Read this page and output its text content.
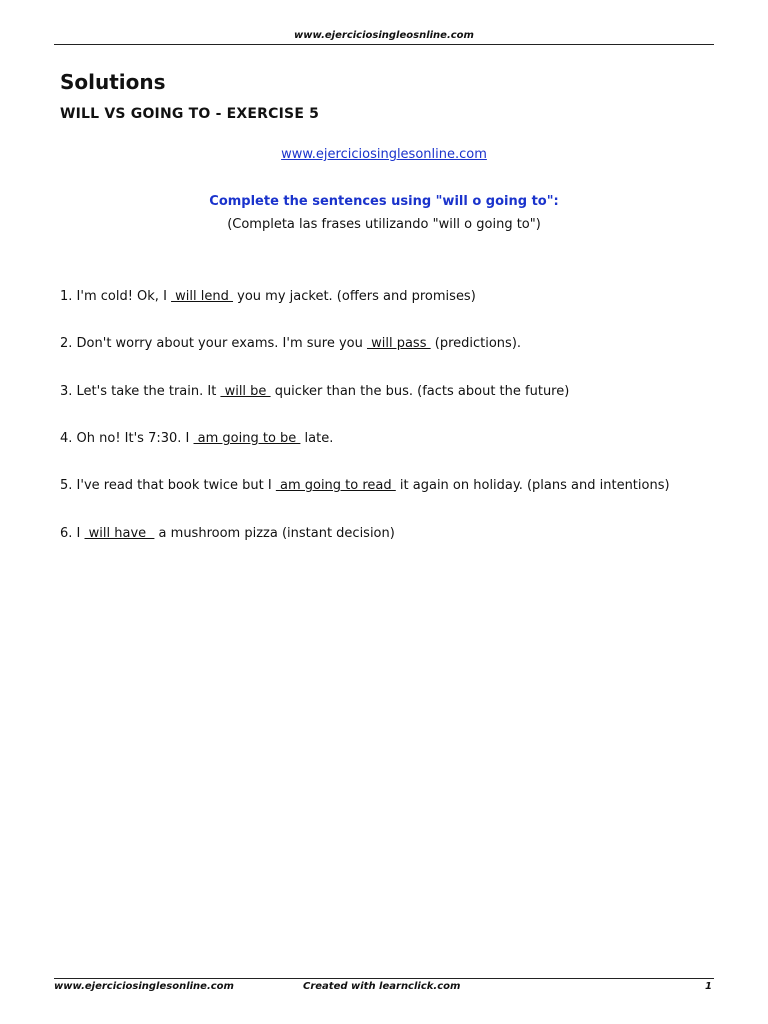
www.ejerciciosingleosnline.com
Solutions
WILL VS GOING TO - EXERCISE 5
www.ejerciciosinglesonline.com
Complete the sentences using "will o going to":
(Completa las frases utilizando "will o going to")
1. I'm cold! Ok, I  will lend  you my jacket. (offers and promises)
2. Don't worry about your exams. I'm sure you  will pass  (predictions).
3. Let's take the train. It  will be  quicker than the bus. (facts about the future)
4. Oh no! It's 7:30. I  am going to be  late.
5. I've read that book twice but I  am going to read  it again on holiday. (plans and intentions)
6. I  will have   a mushroom pizza (instant decision)
www.ejerciciosinglesonline.com	Created with learnclick.com	1
